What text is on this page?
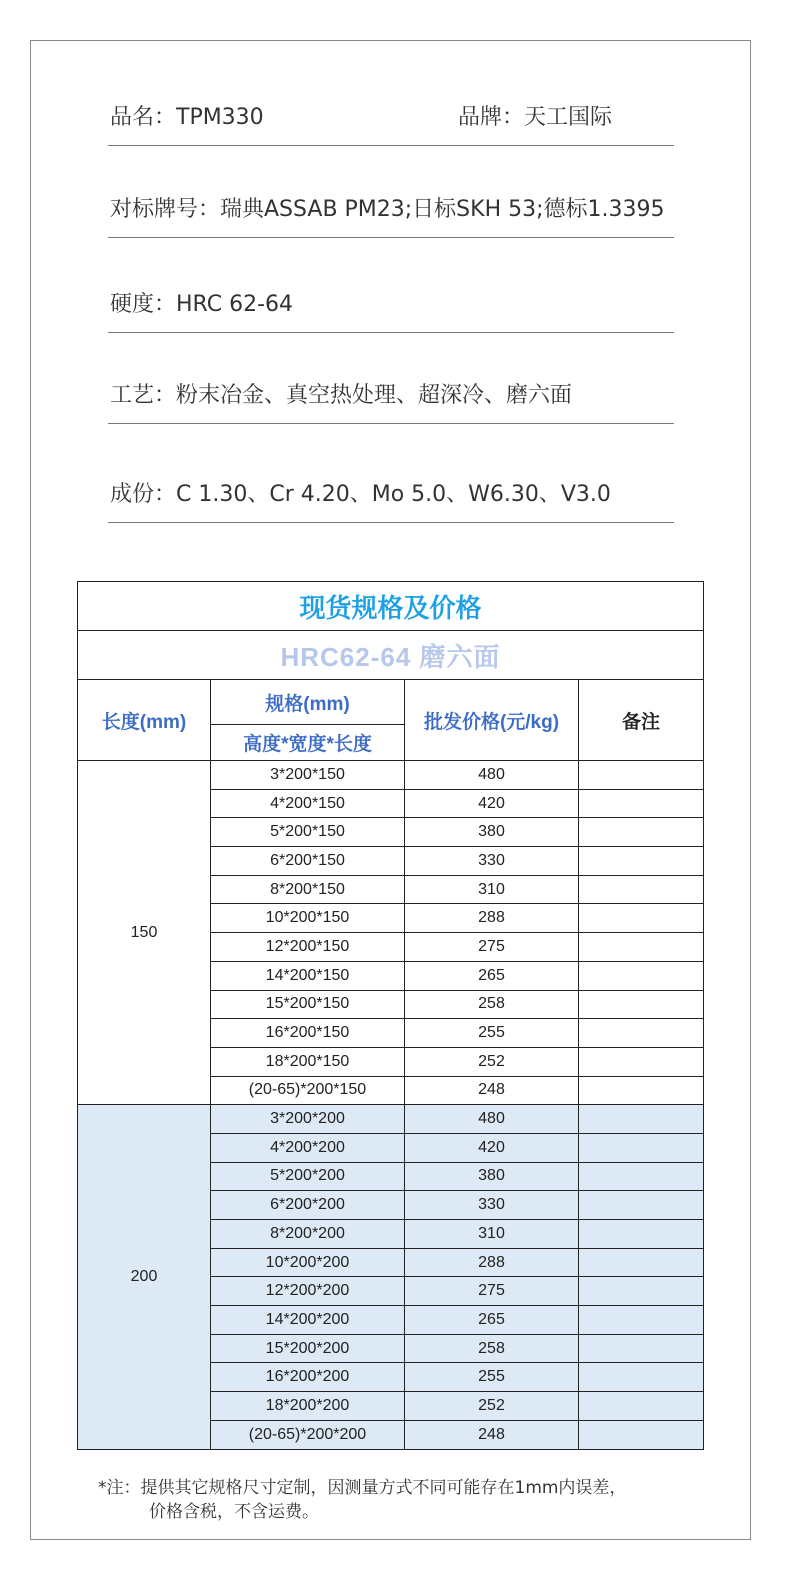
品名：TPM330	品牌：天工国际
对标牌号：瑞典ASSAB PM23;日标SKH 53;德标1.3395
硬度：HRC 62-64
工艺：粉末冶金、真空热处理、超深冷、磨六面
成份：C 1.30、Cr 4.20、Mo 5.0、W6.30、V3.0
现货规格及价格			
HRC62-64 磨六面			
长度(mm)	规格(mm)	批发价格(元/kg)	备注
	高度*宽度*长度		
150	3*200*150	480	
	4*200*150	420	
	5*200*150	380	
	6*200*150	330	
	8*200*150	310	
	10*200*150	288	
	12*200*150	275	
	14*200*150	265	
	15*200*150	258	
	16*200*150	255	
	18*200*150	252	
	(20-65)*200*150	248	
200	3*200*200	480	
	4*200*200	420	
	5*200*200	380	
	6*200*200	330	
	8*200*200	310	
	10*200*200	288	
	12*200*200	275	
	14*200*200	265	
	15*200*200	258	
	16*200*200	255	
	18*200*200	252	
	(20-65)*200*200	248	
*注：提供其它规格尺寸定制，因测量方式不同可能存在1mm内误差，
价格含税，不含运费。
